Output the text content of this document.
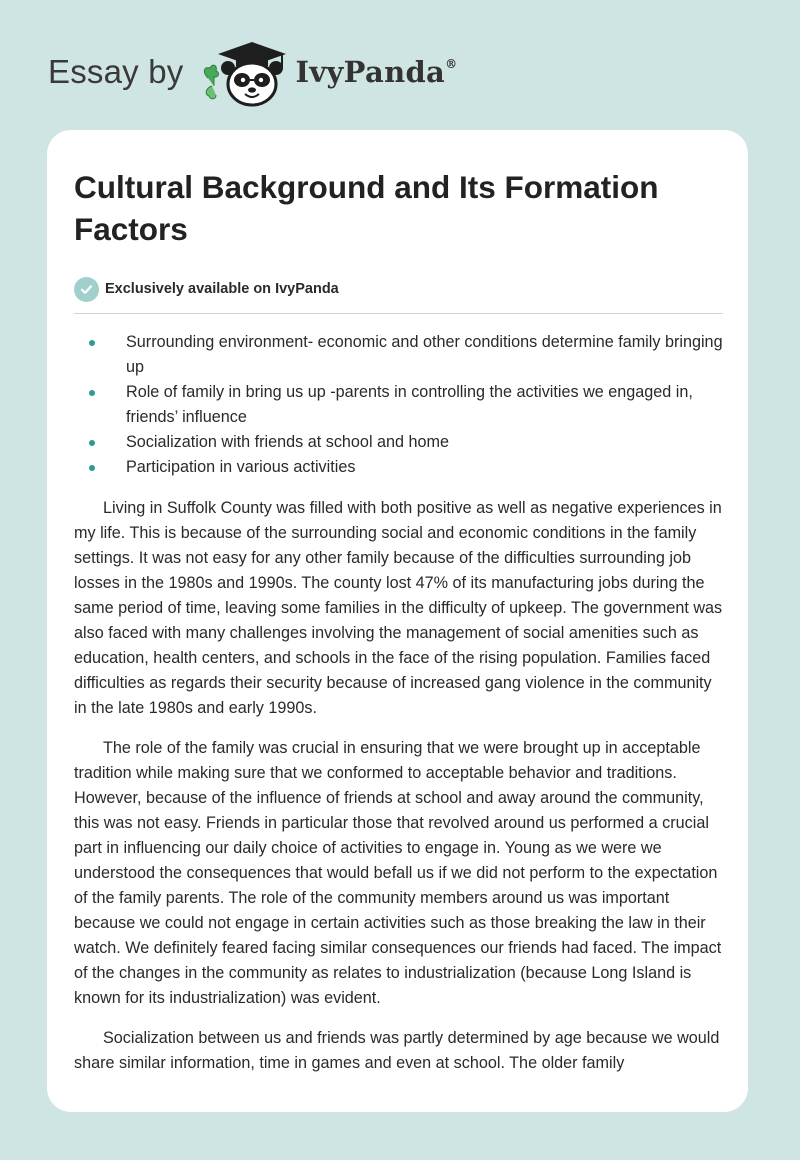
Essay by	IvyPanda®
Cultural Background and Its Formation Factors
Exclusively available on IvyPanda
Surrounding environment- economic and other conditions determine family bringing up
Role of family in bring us up -parents in controlling the activities we engaged in, friends’ influence
Socialization with friends at school and home
Participation in various activities

Living in Suffolk County was filled with both positive as well as negative experiences in my life. This is because of the surrounding social and economic conditions in the family settings. It was not easy for any other family because of the difficulties surrounding job losses in the 1980s and 1990s. The county lost 47% of its manufacturing jobs during the same period of time, leaving some families in the difficulty of upkeep. The government was also faced with many challenges involving the management of social amenities such as education, health centers, and schools in the face of the rising population. Families faced difficulties as regards their security because of increased gang violence in the community in the late 1980s and early 1990s.

The role of the family was crucial in ensuring that we were brought up in acceptable tradition while making sure that we conformed to acceptable behavior and traditions. However, because of the influence of friends at school and away around the community, this was not easy. Friends in particular those that revolved around us performed a crucial part in influencing our daily choice of activities to engage in. Young as we were we understood the consequences that would befall us if we did not perform to the expectation of the family parents. The role of the community members around us was important because we could not engage in certain activities such as those breaking the law in their watch. We definitely feared facing similar consequences our friends had faced. The impact of the changes in the community as relates to industrialization (because Long Island is known for its industrialization) was evident.

Socialization between us and friends was partly determined by age because we would share similar information, time in games and even at school. The older family
